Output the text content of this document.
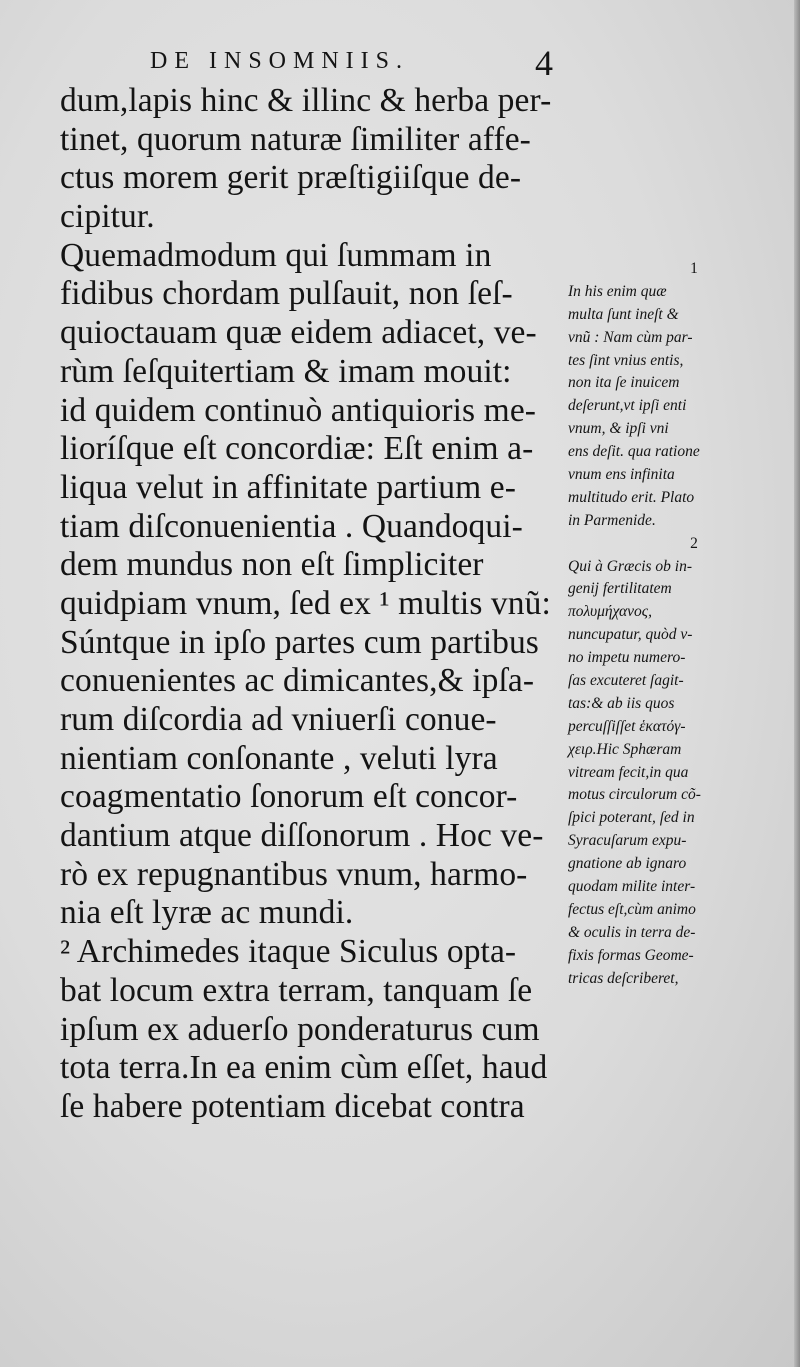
DE INSOMNIIS.	4
dum,lapis hinc & illinc & herba per-
tinet, quorum naturæ ſimiliter affe-
ctus morem gerit præſtigiiſque de-
cipitur.
Quemadmodum qui ſummam in
fidibus chordam pulſauit, non ſeſ-
quioctauam quæ eidem adiacet, ve-
rùm ſeſquitertiam & imam mouit:
id quidem continuò antiquioris me-
lioríſque eſt concordiæ: Eſt enim a-
liqua velut in affinitate partium e-
tiam diſconuenientia . Quandoqui-
dem mundus non eſt ſimpliciter
quidpiam vnum, ſed ex ¹ multis vnũ:
Súntque in ipſo partes cum partibus
conuenientes ac dimicantes,& ipſa-
rum diſcordia ad vniuerſi conue-
nientiam conſonante , veluti lyra
coagmentatio ſonorum eſt concor-
dantium atque diſſonorum . Hoc ve-
rò ex repugnantibus vnum, harmo-
nia eſt lyræ ac mundi.
² Archimedes itaque Siculus opta-
bat locum extra terram, tanquam ſe
ipſum ex aduerſo ponderaturus cum
tota terra.In ea enim cùm eſſet, haud
ſe habere potentiam dicebat contra
1
In his enim quæ
multa ſunt ineſt &
vnũ : Nam cùm par-
tes ſint vnius entis,
non ita ſe inuicem
deſerunt,vt ipſi enti
vnum, & ipſi vni
ens deſit. qua ratione
vnum ens infinita
multitudo erit. Plato
in Parmenide.
2
Qui à Græcis ob in-
genij fertilitatem
πολυμήχανος,
nuncupatur, quòd v-
no impetu numero-
ſas excuteret ſagit-
tas:& ab iis quos
percuſſiſſet ἑκατόγ-
χειρ.Hic Sphæram
vitream fecit,in qua
motus circulorum cõ-
ſpici poterant, ſed in
Syracuſarum expu-
gnatione ab ignaro
quodam milite inter-
fectus eſt,cùm animo
& oculis in terra de-
fixis formas Geome-
tricas deſcriberet,
